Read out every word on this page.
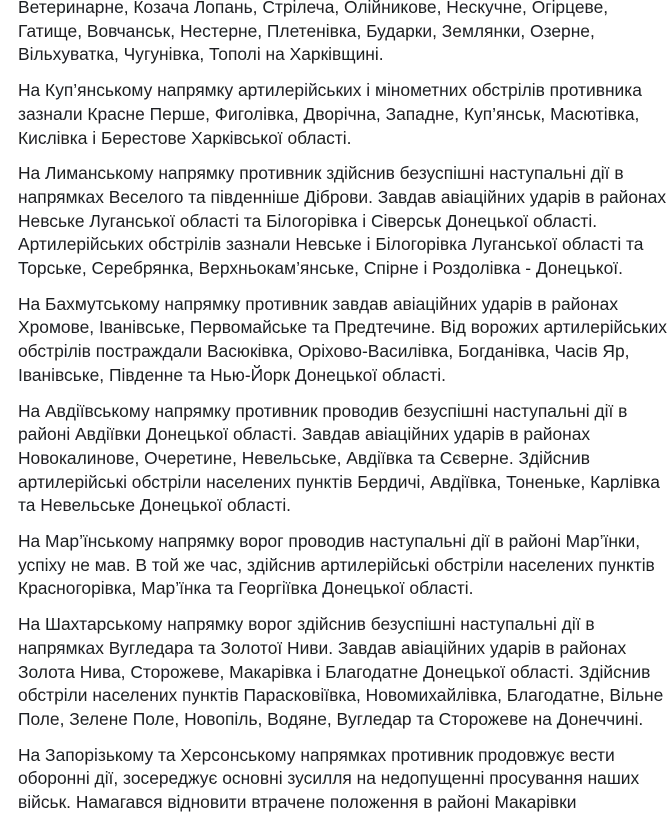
Ветеринарне, Козача Лопань, Стрілеча, Олійникове, Нескучне, Огірцеве,
Гатище, Вовчанськ, Нестерне, Плетенівка, Бударки, Землянки, Озерне,
Вільхуватка, Чугунівка, Тополі на Харківщині.

На Куп’янському напрямку артилерійських і мінометних обстрілів противника
зазнали Красне Перше, Фиголівка, Дворічна, Западне, Куп’янськ, Масютівка,
Кислівка і Берестове Харківської області.

На Лиманському напрямку противник здійснив безуспішні наступальні дії в
напрямках Веселого та південніше Діброви. Завдав авіаційних ударів в районах
Невське Луганської області та Білогорівка і Сіверськ Донецької області.
Артилерійських обстрілів зазнали Невське і Білогорівка Луганської області та
Торське, Серебрянка, Верхньокам’янське, Спірне і Роздолівка - Донецької.

На Бахмутському напрямку противник завдав авіаційних ударів в районах
Хромове, Іванівське, Первомайське та Предтечине. Від ворожих артилерійських
обстрілів постраждали Васюківка, Оріхово-Василівка, Богданівка, Часів Яр,
Іванівське, Південне та Нью-Йорк Донецької області.

На Авдіївському напрямку противник проводив безуспішні наступальні дії в
районі Авдіївки Донецької області. Завдав авіаційних ударів в районах
Новокалинове, Очеретине, Невельське, Авдіївка та Сєверне. Здійснив
артилерійські обстріли населених пунктів Бердичі, Авдіївка, Тоненьке, Карлівка
та Невельське Донецької області.

На Мар’їнському напрямку ворог проводив наступальні дії в районі Мар’їнки,
успіху не мав. В той же час, здійснив артилерійські обстріли населених пунктів
Красногорівка, Мар’їнка та Георгіївка Донецької області.

На Шахтарському напрямку ворог здійснив безуспішні наступальні дії в
напрямках Вугледара та Золотої Ниви. Завдав авіаційних ударів в районах
Золота Нива, Сторожеве, Макарівка і Благодатне Донецької області. Здійснив
обстріли населених пунктів Парасковіївка, Новомихайлівка, Благодатне, Вільне
Поле, Зелене Поле, Новопіль, Водяне, Вугледар та Сторожеве на Донеччині.

На Запорізькому та Херсонському напрямках противник продовжує вести
оборонні дії, зосереджує основні зусилля на недопущенні просування наших
військ. Намагався відновити втрачене положення в районі Макарівки
